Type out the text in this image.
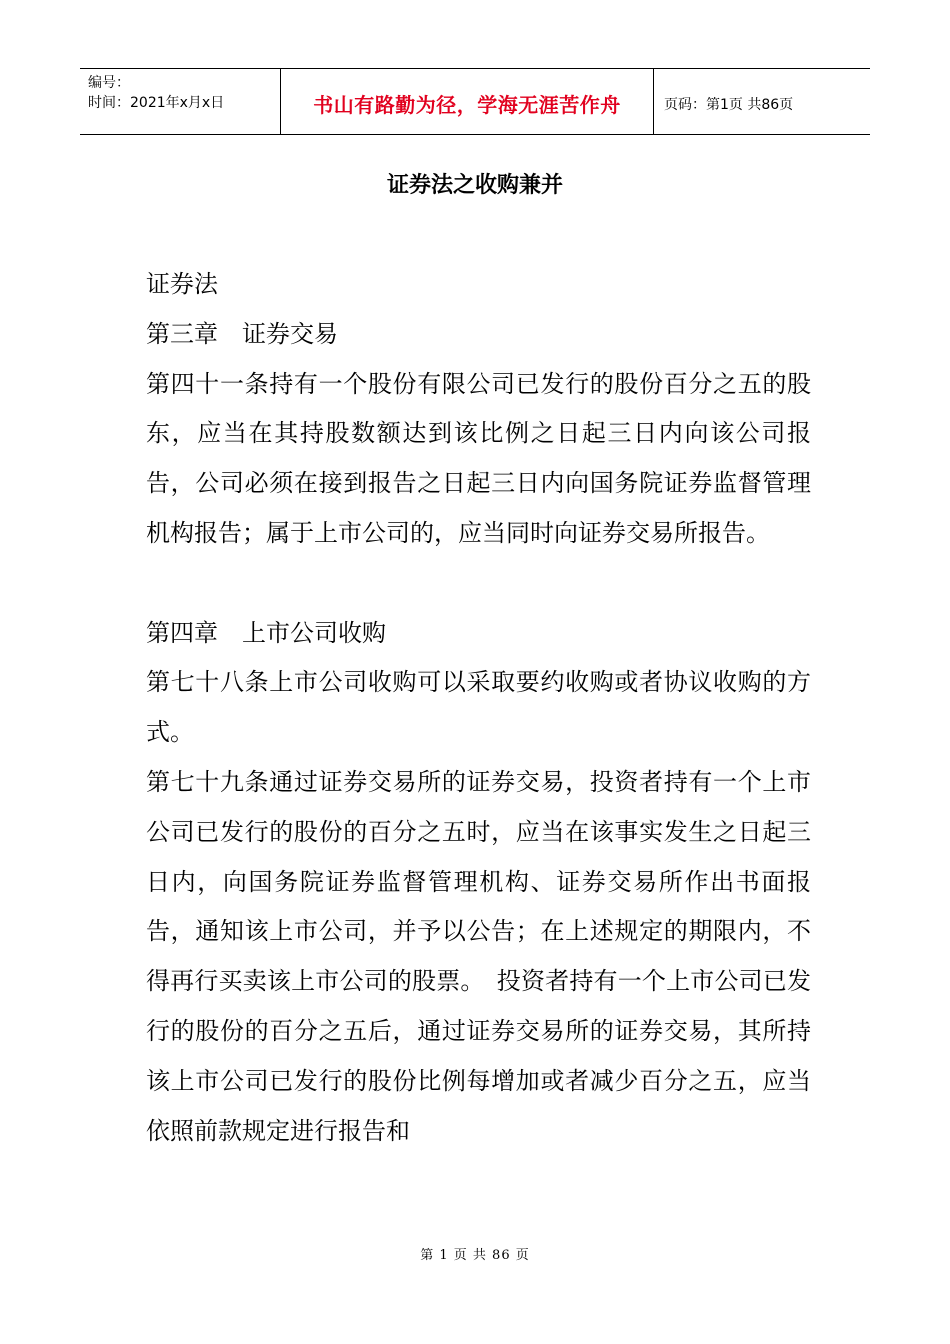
编号：
时间：2021年x月x日	书山有路勤为径，学海无涯苦作舟	页码：第1页 共86页
证券法之收购兼并

证券法

第三章　证券交易

第四十一条持有一个股份有限公司已发行的股份百分之五的股东，应当在其持股数额达到该比例之日起三日内向该公司报告，公司必须在接到报告之日起三日内向国务院证券监督管理机构报告；属于上市公司的，应当同时向证券交易所报告。

第四章　上市公司收购

第七十八条上市公司收购可以采取要约收购或者协议收购的方式。

第七十九条通过证券交易所的证券交易，投资者持有一个上市公司已发行的股份的百分之五时，应当在该事实发生之日起三日内，向国务院证券监督管理机构、证券交易所作出书面报告，通知该上市公司，并予以公告；在上述规定的期限内，不得再行买卖该上市公司的股票。　投资者持有一个上市公司已发行的股份的百分之五后，通过证券交易所的证券交易，其所持该上市公司已发行的股份比例每增加或者减少百分之五，应当依照前款规定进行报告和

第 1 页 共 86 页
